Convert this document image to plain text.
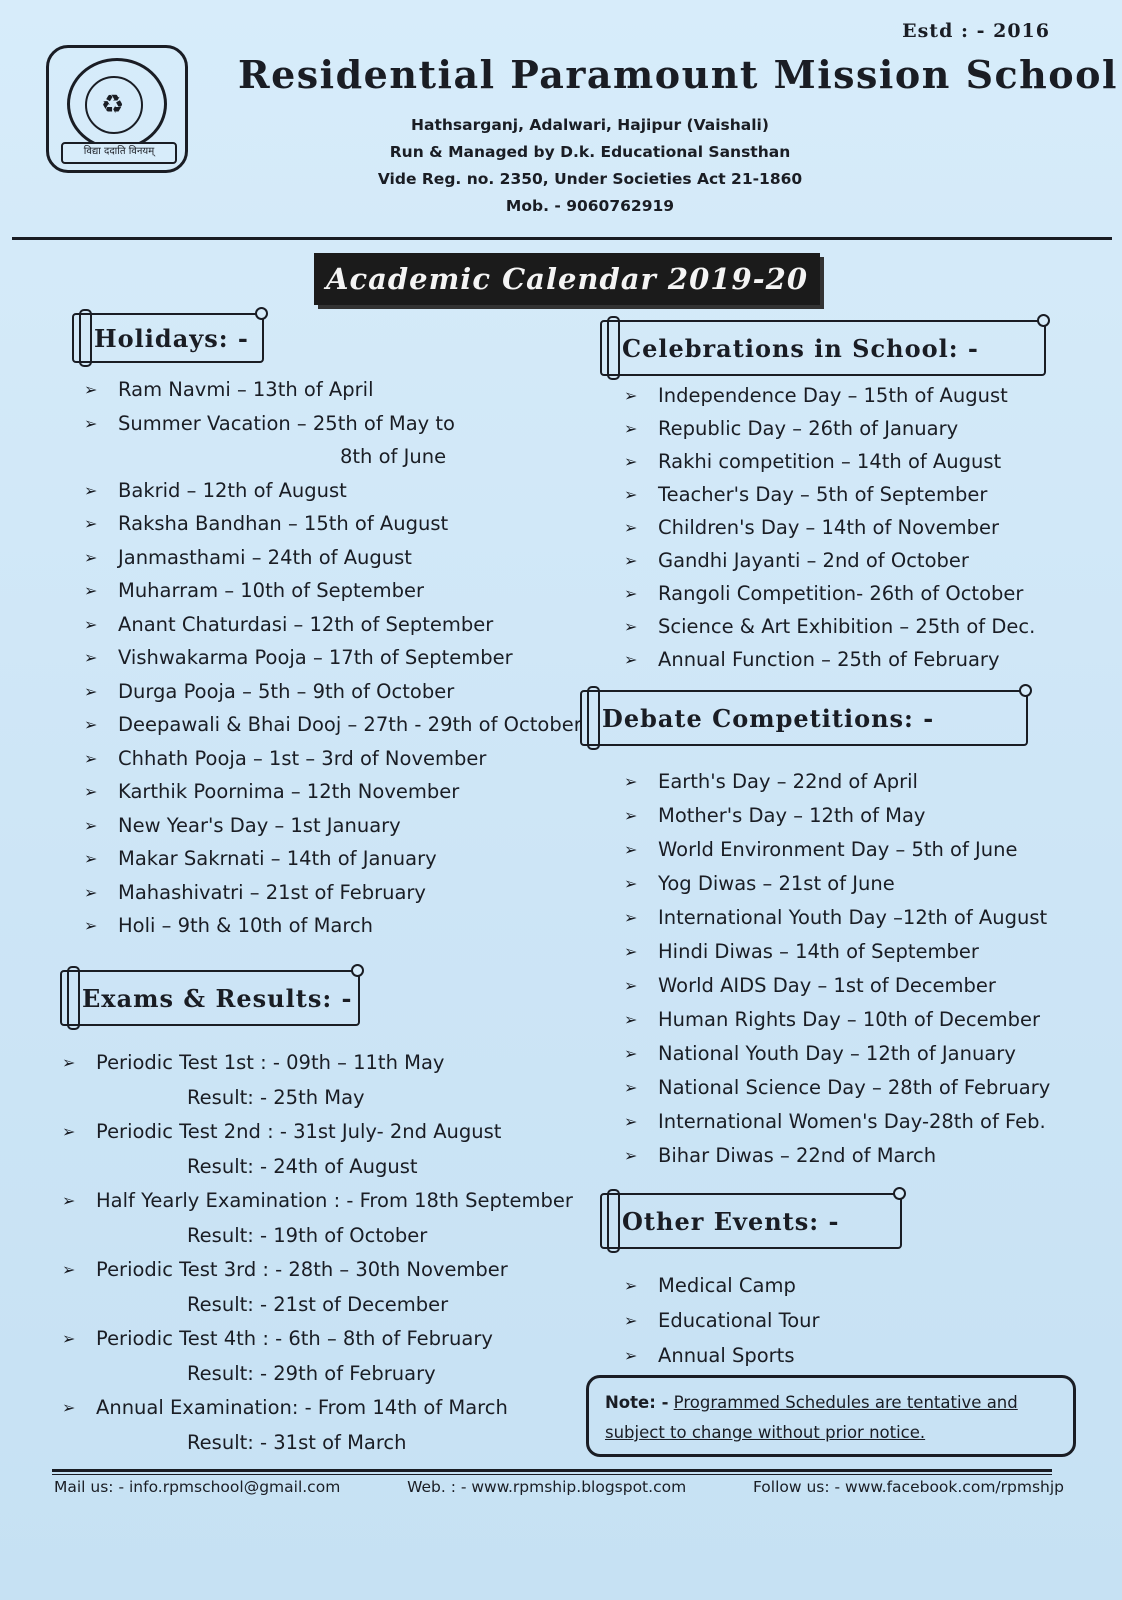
Estd : - 2016
♻
विद्या ददाति विनयम्
Residential Paramount Mission School
Hathsarganj, Adalwari, Hajipur (Vaishali)
Run & Managed by D.k. Educational Sansthan
Vide Reg. no. 2350, Under Societies Act 21-1860
Mob. - 9060762919
Academic Calendar 2019-20
Holidays: -
➢ Ram Navmi – 13th of April
➢ Summer Vacation – 25th of May to
8th of June
➢ Bakrid – 12th of August
➢ Raksha Bandhan – 15th of August
➢ Janmasthami – 24th of August
➢ Muharram – 10th of September
➢ Anant Chaturdasi – 12th of September
➢ Vishwakarma Pooja – 17th of September
➢ Durga Pooja – 5th – 9th of October
➢ Deepawali & Bhai Dooj – 27th - 29th of October
➢ Chhath Pooja – 1st – 3rd of November
➢ Karthik Poornima – 12th November
➢ New Year's Day – 1st January
➢ Makar Sakrnati – 14th of January
➢ Mahashivatri – 21st of February
➢ Holi – 9th & 10th of March
Exams & Results: -
➢ Periodic Test 1st : - 09th – 11th May
Result: - 25th May
➢ Periodic Test 2nd : - 31st July- 2nd August
Result: - 24th of August
➢ Half Yearly Examination : - From 18th September
Result: - 19th of October
➢ Periodic Test 3rd : - 28th – 30th November
Result: - 21st of December
➢ Periodic Test 4th : - 6th – 8th of February
Result: - 29th of February
➢ Annual Examination: - From 14th of March
Result: - 31st of March
Celebrations in School: -
➢ Independence Day – 15th of August
➢ Republic Day – 26th of January
➢ Rakhi competition – 14th of August
➢ Teacher's Day – 5th of September
➢ Children's Day – 14th of November
➢ Gandhi Jayanti – 2nd of October
➢ Rangoli Competition- 26th of October
➢ Science & Art Exhibition – 25th of Dec.
➢ Annual Function – 25th of February
Debate Competitions: -
➢ Earth's Day – 22nd of April
➢ Mother's Day – 12th of May
➢ World Environment Day – 5th of June
➢ Yog Diwas – 21st of June
➢ International Youth Day –12th of August
➢ Hindi Diwas – 14th of September
➢ World AIDS Day – 1st of December
➢ Human Rights Day – 10th of December
➢ National Youth Day – 12th of January
➢ National Science Day – 28th of February
➢ International Women's Day-28th of Feb.
➢ Bihar Diwas – 22nd of March
Other Events: -
➢ Medical Camp
➢ Educational Tour
➢ Annual Sports
Note: - Programmed Schedules are tentative and subject to change without prior notice.
Mail us: - info.rpmschool@gmail.com	Web. : - www.rpmship.blogspot.com	Follow us: - www.facebook.com/rpmshjp
